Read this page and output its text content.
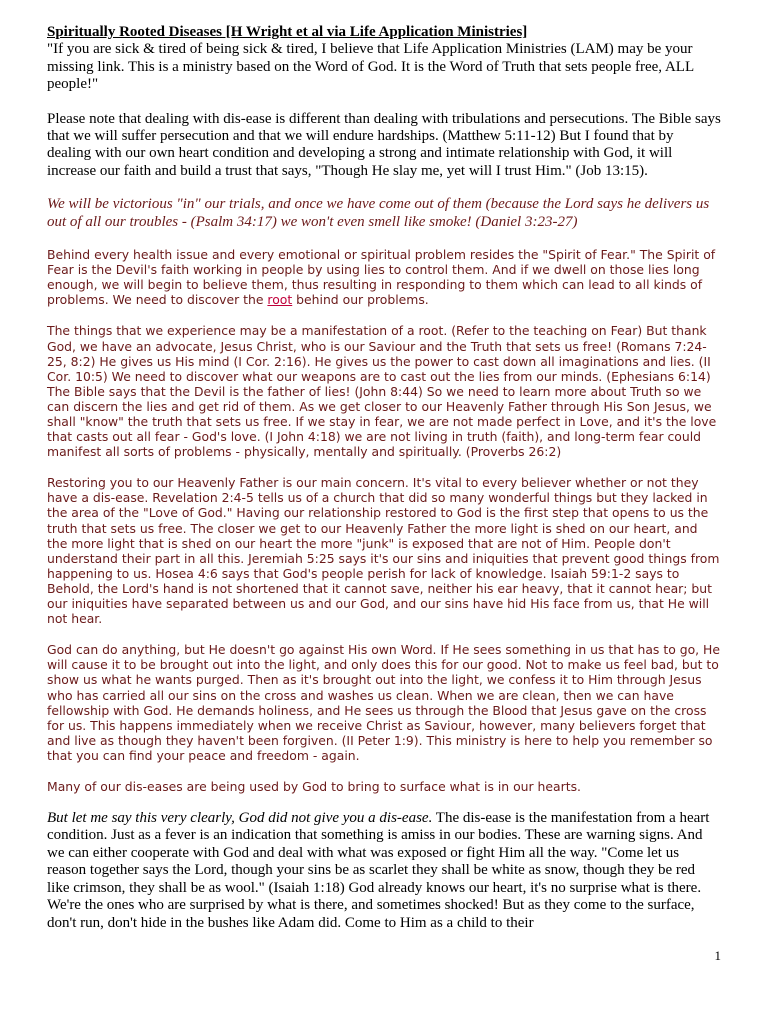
Spiritually Rooted Diseases [H Wright et al via Life Application Ministries]

"If you are sick & tired of being sick & tired, I believe that Life Application Ministries (LAM) may be your missing link. This is a ministry based on the Word of God. It is the Word of Truth that sets people free, ALL people!"

Please note that dealing with dis-ease is different than dealing with tribulations and persecutions. The Bible says that we will suffer persecution and that we will endure hardships. (Matthew 5:11-12) But I found that by dealing with our own heart condition and developing a strong and intimate relationship with God, it will increase our faith and build a trust that says, "Though He slay me, yet will I trust Him." (Job 13:15).

We will be victorious "in" our trials, and once we have come out of them (because the Lord says he delivers us out of all our troubles - (Psalm 34:17) we won't even smell like smoke! (Daniel 3:23-27)

Behind every health issue and every emotional or spiritual problem resides the "Spirit of Fear." The Spirit of Fear is the Devil's faith working in people by using lies to control them. And if we dwell on those lies long enough, we will begin to believe them, thus resulting in responding to them which can lead to all kinds of problems. We need to discover the root behind our problems.

The things that we experience may be a manifestation of a root. (Refer to the teaching on Fear) But thank God, we have an advocate, Jesus Christ, who is our Saviour and the Truth that sets us free! (Romans 7:24-25, 8:2) He gives us His mind (I Cor. 2:16). He gives us the power to cast down all imaginations and lies. (II Cor. 10:5) We need to discover what our weapons are to cast out the lies from our minds. (Ephesians 6:14) The Bible says that the Devil is the father of lies! (John 8:44) So we need to learn more about Truth so we can discern the lies and get rid of them. As we get closer to our Heavenly Father through His Son Jesus, we shall "know" the truth that sets us free. If we stay in fear, we are not made perfect in Love, and it's the love that casts out all fear - God's love. (I John 4:18) we are not living in truth (faith), and long-term fear could manifest all sorts of problems - physically, mentally and spiritually. (Proverbs 26:2)

Restoring you to our Heavenly Father is our main concern. It's vital to every believer whether or not they have a dis-ease. Revelation 2:4-5 tells us of a church that did so many wonderful things but they lacked in the area of the "Love of God." Having our relationship restored to God is the first step that opens to us the truth that sets us free. The closer we get to our Heavenly Father the more light is shed on our heart, and the more light that is shed on our heart the more "junk" is exposed that are not of Him. People don't understand their part in all this. Jeremiah 5:25 says it's our sins and iniquities that prevent good things from happening to us. Hosea 4:6 says that God's people perish for lack of knowledge. Isaiah 59:1-2 says to Behold, the Lord's hand is not shortened that it cannot save, neither his ear heavy, that it cannot hear; but our iniquities have separated between us and our God, and our sins have hid His face from us, that He will not hear.

God can do anything, but He doesn't go against His own Word. If He sees something in us that has to go, He will cause it to be brought out into the light, and only does this for our good. Not to make us feel bad, but to show us what he wants purged. Then as it's brought out into the light, we confess it to Him through Jesus who has carried all our sins on the cross and washes us clean. When we are clean, then we can have fellowship with God. He demands holiness, and He sees us through the Blood that Jesus gave on the cross for us. This happens immediately when we receive Christ as Saviour, however, many believers forget that and live as though they haven't been forgiven. (II Peter 1:9). This ministry is here to help you remember so that you can find your peace and freedom - again.

Many of our dis-eases are being used by God to bring to surface what is in our hearts.

But let me say this very clearly, God did not give you a dis-ease. The dis-ease is the manifestation from a heart condition. Just as a fever is an indication that something is amiss in our bodies. These are warning signs. And we can either cooperate with God and deal with what was exposed or fight Him all the way. "Come let us reason together says the Lord, though your sins be as scarlet they shall be white as snow, though they be red like crimson, they shall be as wool." (Isaiah 1:18) God already knows our heart, it's no surprise what is there. We're the ones who are surprised by what is there, and sometimes shocked! But as they come to the surface, don't run, don't hide in the bushes like Adam did. Come to Him as a child to their

1
